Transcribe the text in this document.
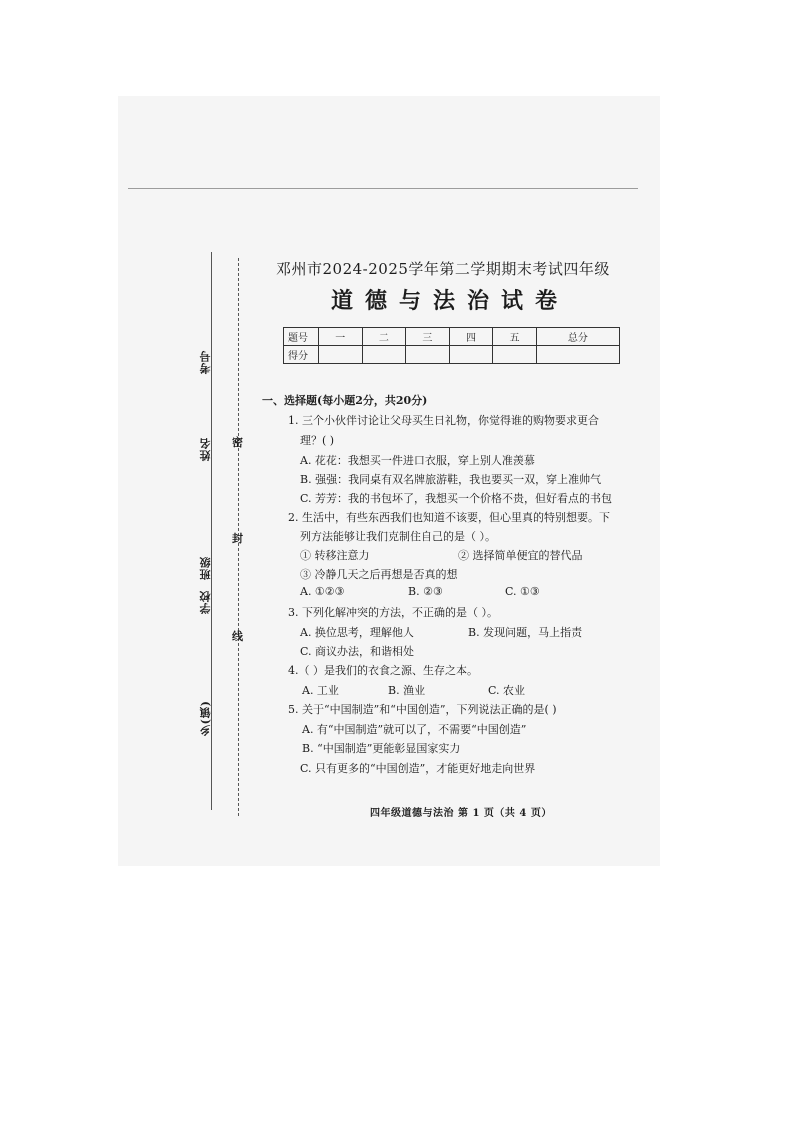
考号
姓名
班级
学校
乡(镇)
密
封
线
邓州市2024-2025学年第二学期期末考试四年级
道德与法治试卷
题号	一	二	三	四	五	总分
得分						
一、选择题(每小题2分，共20分)
1. 三个小伙伴讨论让父母买生日礼物，你觉得谁的购物要求更合
理？( )
A. 花花：我想买一件进口衣服，穿上别人准羡慕
B. 强强：我同桌有双名牌旅游鞋，我也要买一双，穿上准帅气
C. 芳芳：我的书包坏了，我想买一个价格不贵，但好看点的书包
2. 生活中，有些东西我们也知道不该要，但心里真的特别想要。下
列方法能够让我们克制住自己的是（ ）。
① 转移注意力	② 选择简单便宜的替代品
③ 冷静几天之后再想是否真的想
A. ①②③	B. ②③	C. ①③
3. 下列化解冲突的方法，不正确的是（ ）。
A. 换位思考，理解他人	B. 发现问题，马上指责
C. 商议办法，和谐相处
4.（ ）是我们的衣食之源、生存之本。
A. 工业	B. 渔业	C. 农业
5. 关于“中国制造”和“中国创造”，下列说法正确的是( )
A. 有“中国制造”就可以了，不需要“中国创造”
B. “中国制造”更能彰显国家实力
C. 只有更多的“中国创造”，才能更好地走向世界
四年级道德与法治 第 1 页（共 4 页）
